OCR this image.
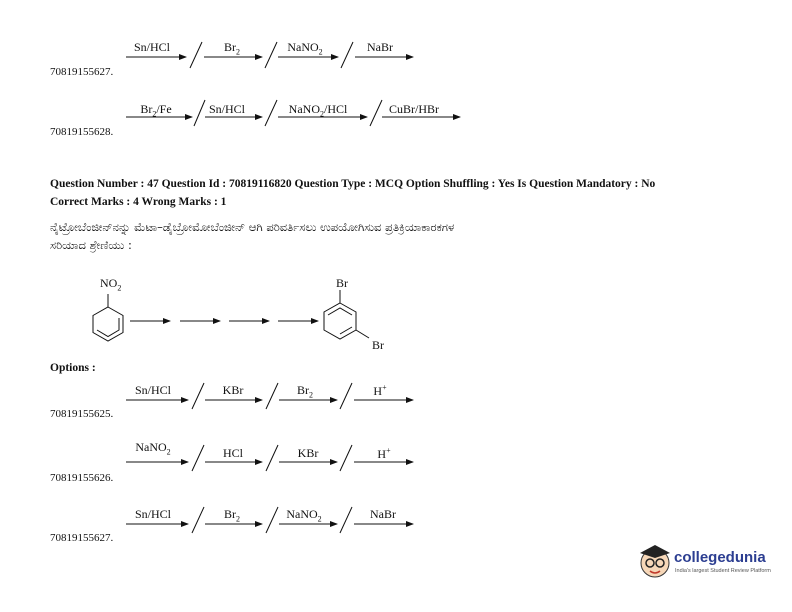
Sn/HCl	$Br_2$	NaNO$_2$	NaBr
70819155627.
$Br_2/Fe$	Sn/HCl	NaNO$_2$/HCl	CuBr/HBr
70819155628.
Question Number : 47 Question Id : 70819116820 Question Type : MCQ Option Shuffling : Yes Is Question Mandatory : No
Correct Marks : 4 Wrong Marks : 1
ನೈಟ್ರೋಬೆಂಜೀನ್‌ನನ್ನು ಮೆಟಾ–ಡೈಬ್ರೋಮೋಬೆಂಜೀನ್ ಆಗಿ ಪರಿವರ್ತಿಸಲು ಉಪಯೋಗಿಸುವ ಪ್ರತಿಕ್ರಿಯಾಕಾರಕಗಳ
ಸರಿಯಾದ ಶ್ರೇಣಿಯು :
$NO_2$	Br
Br
Options :
Sn/HCl	KBr	$Br_2$	H+
70819155625.
NaNO$_2$	HCl	KBr	H+
70819155626.
Sn/HCl	$Br_2$	NaNO$_2$	NaBr
70819155627.
collegedunia
India's largest Student Review Platform
